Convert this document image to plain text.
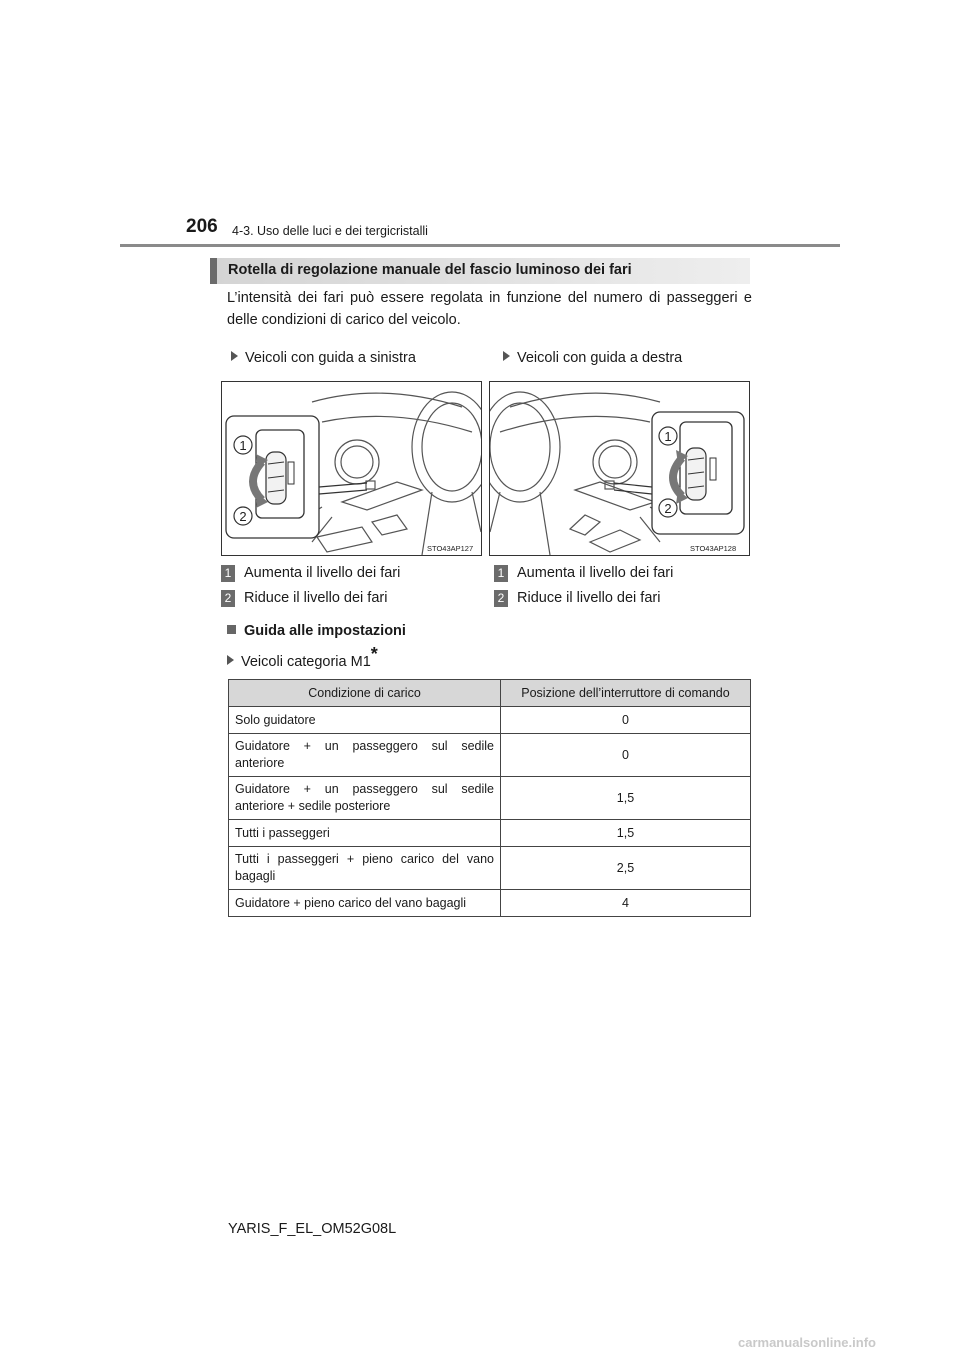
206 4-3. Uso delle luci e dei tergicristalli
Rotella di regolazione manuale del fascio luminoso dei fari
L’intensità dei fari può essere regolata in funzione del numero di passeggeri e delle condizioni di carico del veicolo.
Veicoli con guida a sinistra	Veicoli con guida a destra
1
2
STO43AP127
1
2
STO43AP128
1 Aumenta il livello dei fari
2 Riduce il livello dei fari
1 Aumenta il livello dei fari
2 Riduce il livello dei fari
Guida alle impostazioni
Veicoli categoria M1*
Condizione di carico	Posizione dell’interruttore di comando
Solo guidatore	0
Guidatore + un passeggero sul sedile anteriore	0
Guidatore + un passeggero sul sedile anteriore + sedile posteriore	1,5
Tutti i passeggeri	1,5
Tutti i passeggeri + pieno carico del vano bagagli	2,5
Guidatore + pieno carico del vano bagagli	4
YARIS_F_EL_OM52G08L
carmanualsonline.info
